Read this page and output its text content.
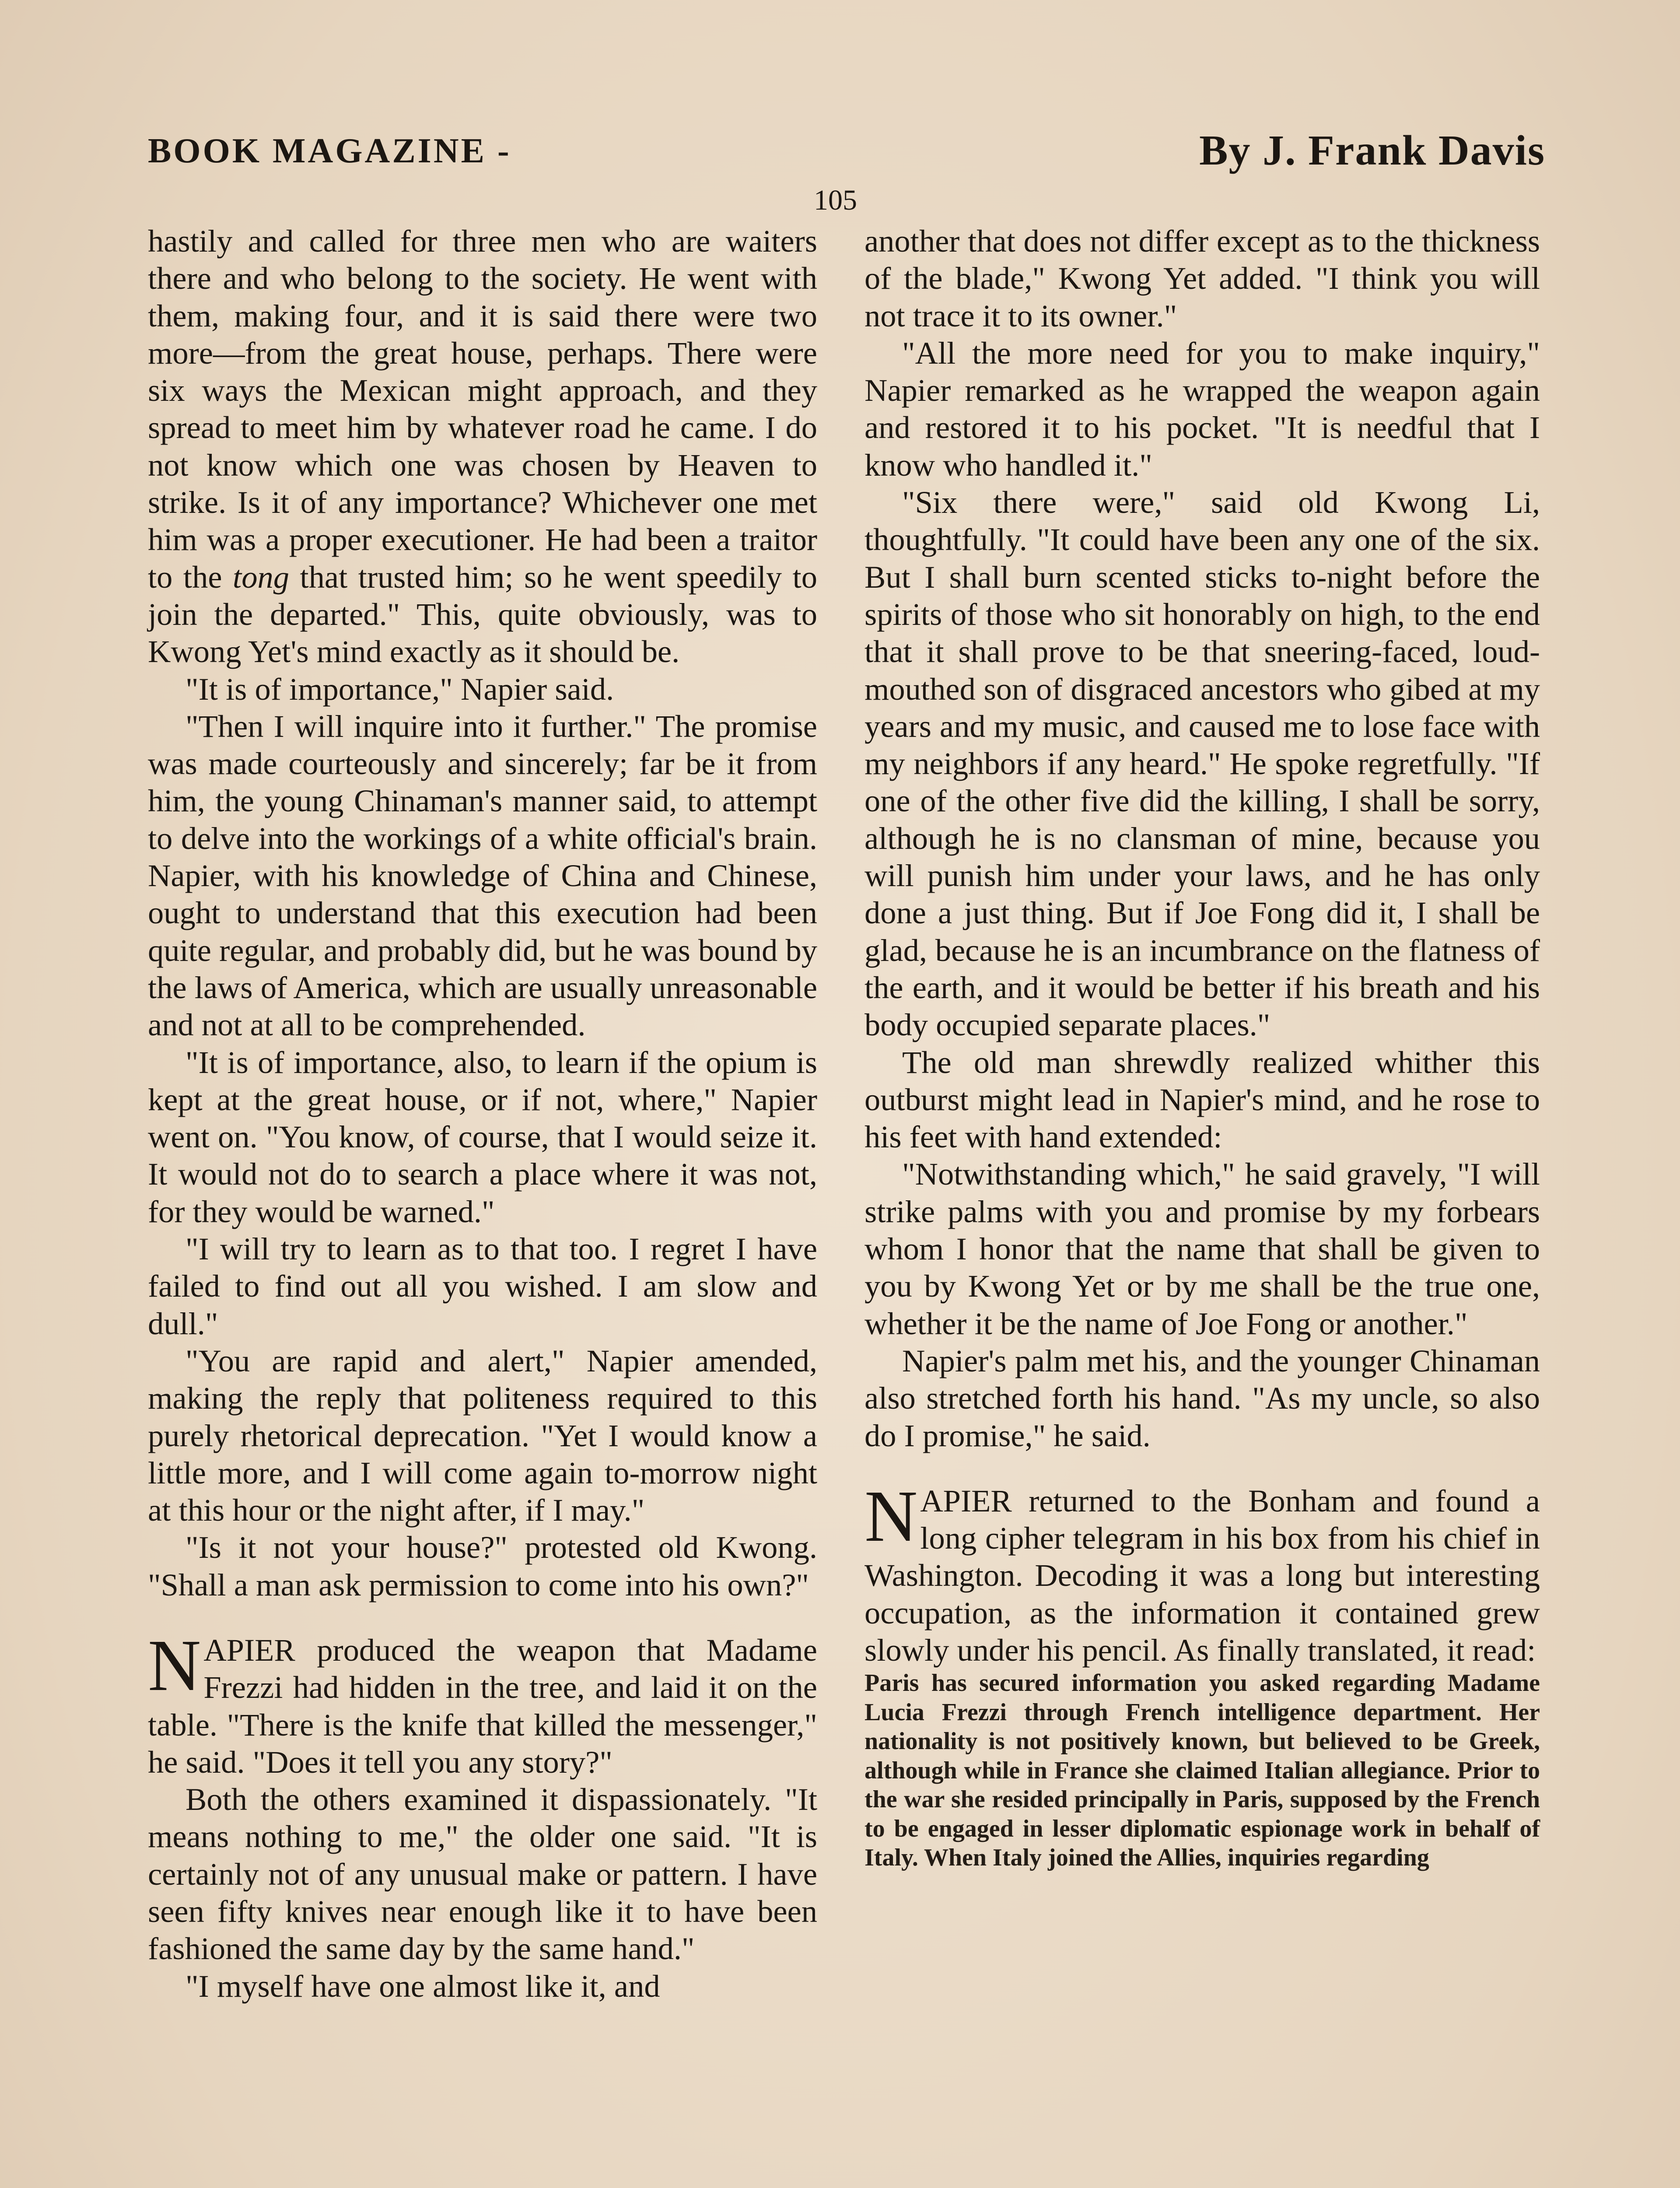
BOOK MAGAZINE -	By J. Frank Davis
105

hastily and called for three men who are waiters there and who belong to the society. He went with them, making four, and it is said there were two more—from the great house, perhaps. There were six ways the Mexican might approach, and they spread to meet him by whatever road he came. I do not know which one was chosen by Heaven to strike. Is it of any importance? Whichever one met him was a proper executioner. He had been a traitor to the tong that trusted him; so he went speedily to join the departed." This, quite obviously, was to Kwong Yet's mind exactly as it should be.

"It is of importance," Napier said.

"Then I will inquire into it further." The promise was made courteously and sincerely; far be it from him, the young Chinaman's manner said, to attempt to delve into the workings of a white official's brain. Napier, with his knowledge of China and Chinese, ought to understand that this execution had been quite regular, and probably did, but he was bound by the laws of America, which are usually unreasonable and not at all to be comprehended.

"It is of importance, also, to learn if the opium is kept at the great house, or if not, where," Napier went on. "You know, of course, that I would seize it. It would not do to search a place where it was not, for they would be warned."

"I will try to learn as to that too. I regret I have failed to find out all you wished. I am slow and dull."

"You are rapid and alert," Napier amended, making the reply that politeness required to this purely rhetorical deprecation. "Yet I would know a little more, and I will come again to-morrow night at this hour or the night after, if I may."

"Is it not your house?" protested old Kwong. "Shall a man ask permission to come into his own?"

NAPIER produced the weapon that Madame Frezzi had hidden in the tree, and laid it on the table. "There is the knife that killed the messenger," he said. "Does it tell you any story?"

Both the others examined it dispassionately. "It means nothing to me," the older one said. "It is certainly not of any unusual make or pattern. I have seen fifty knives near enough like it to have been fashioned the same day by the same hand."

"I myself have one almost like it, and

another that does not differ except as to the thickness of the blade," Kwong Yet added. "I think you will not trace it to its owner."

"All the more need for you to make inquiry," Napier remarked as he wrapped the weapon again and restored it to his pocket. "It is needful that I know who handled it."

"Six there were," said old Kwong Li, thoughtfully. "It could have been any one of the six. But I shall burn scented sticks to-night before the spirits of those who sit honorably on high, to the end that it shall prove to be that sneering-faced, loud-mouthed son of disgraced ancestors who gibed at my years and my music, and caused me to lose face with my neighbors if any heard." He spoke regretfully. "If one of the other five did the killing, I shall be sorry, although he is no clansman of mine, because you will punish him under your laws, and he has only done a just thing. But if Joe Fong did it, I shall be glad, because he is an incumbrance on the flatness of the earth, and it would be better if his breath and his body occupied separate places."

The old man shrewdly realized whither this outburst might lead in Napier's mind, and he rose to his feet with hand extended:

"Notwithstanding which," he said gravely, "I will strike palms with you and promise by my forbears whom I honor that the name that shall be given to you by Kwong Yet or by me shall be the true one, whether it be the name of Joe Fong or another."

Napier's palm met his, and the younger Chinaman also stretched forth his hand. "As my uncle, so also do I promise," he said.

NAPIER returned to the Bonham and found a long cipher telegram in his box from his chief in Washington. Decoding it was a long but interesting occupation, as the information it contained grew slowly under his pencil. As finally translated, it read:

Paris has secured information you asked regarding Madame Lucia Frezzi through French intelligence department. Her nationality is not positively known, but believed to be Greek, although while in France she claimed Italian allegiance. Prior to the war she resided principally in Paris, supposed by the French to be engaged in lesser diplomatic espionage work in behalf of Italy. When Italy joined the Allies, inquiries regarding
